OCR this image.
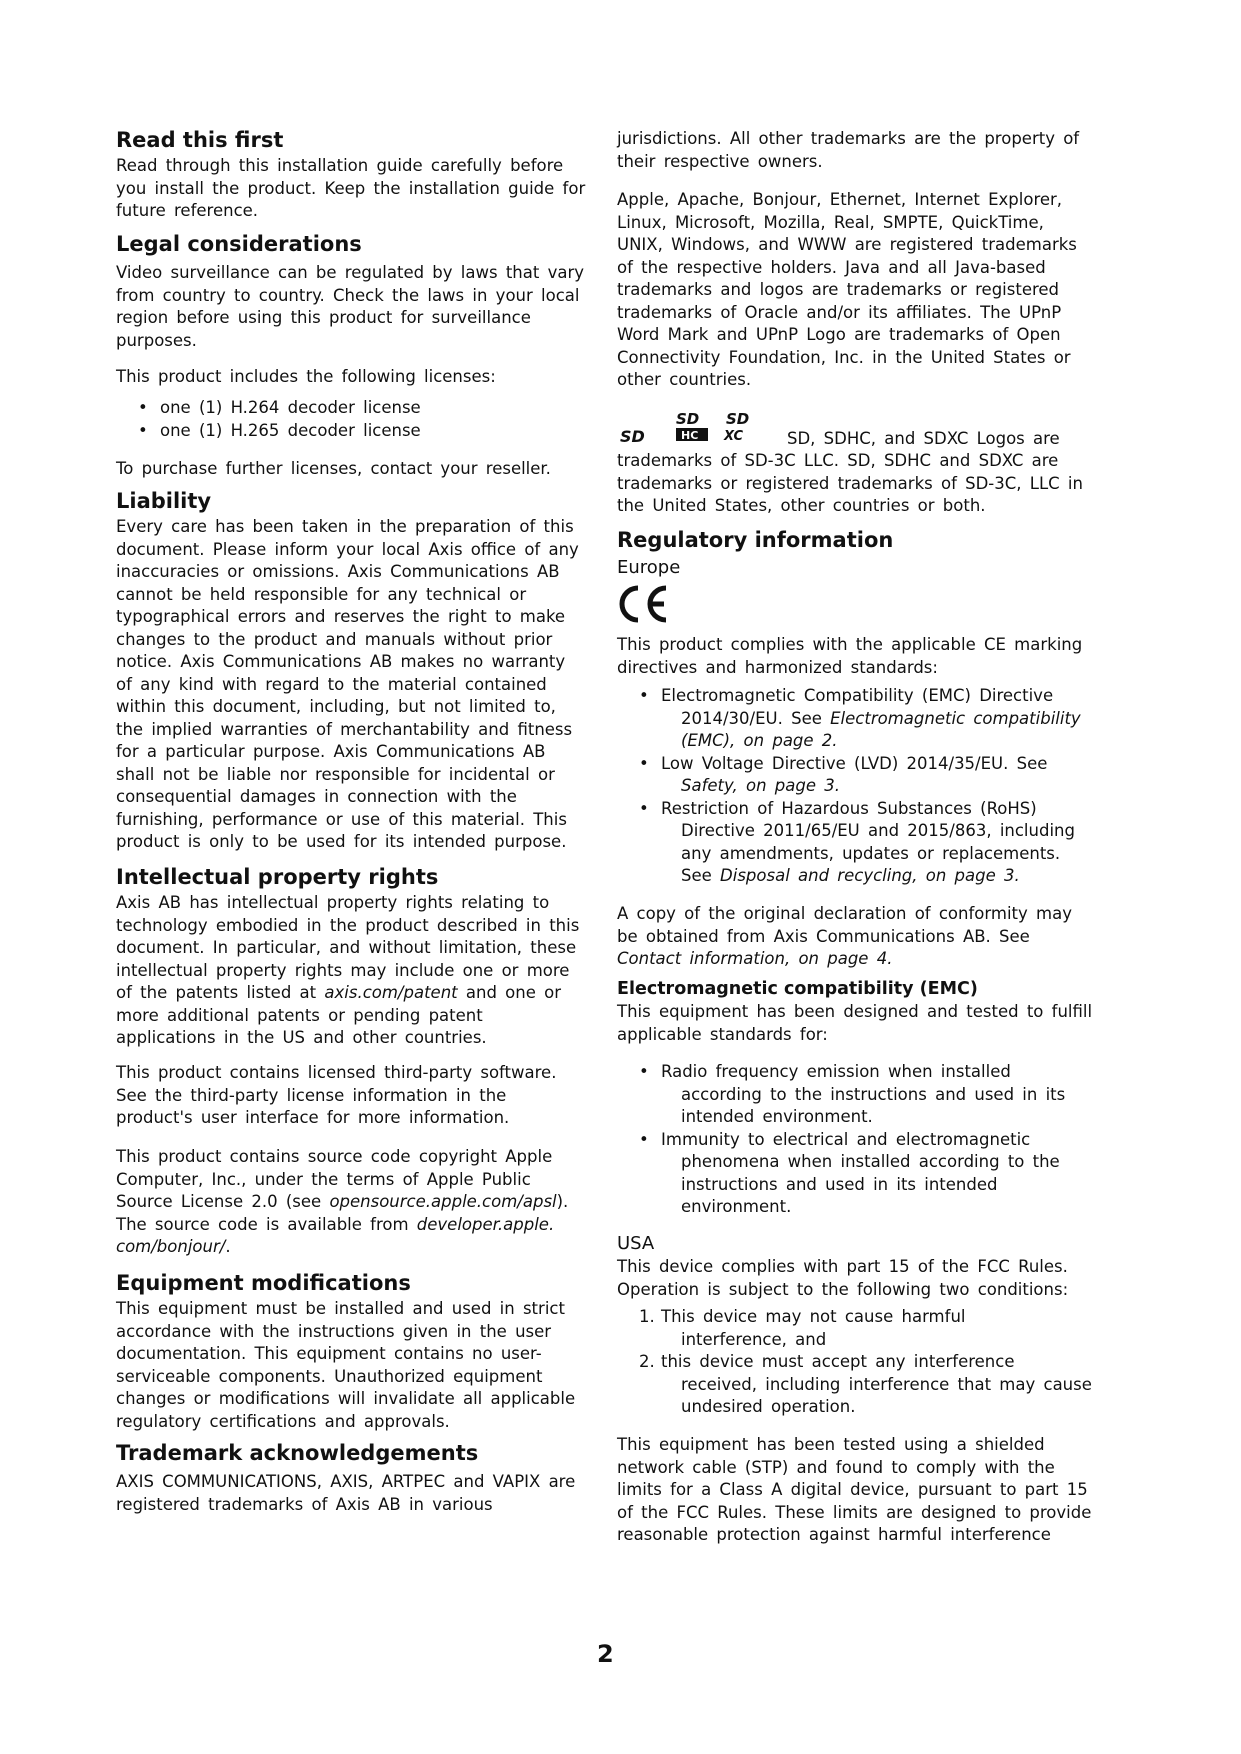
Read this first
Read through this installation guide carefully before
you install the product. Keep the installation guide for
future reference.
Legal considerations
Video surveillance can be regulated by laws that vary
from country to country. Check the laws in your local
region before using this product for surveillance
purposes.
This product includes the following licenses:
• one (1) H.264 decoder license
• one (1) H.265 decoder license
To purchase further licenses, contact your reseller.
Liability
Every care has been taken in the preparation of this
document. Please inform your local Axis office of any
inaccuracies or omissions. Axis Communications AB
cannot be held responsible for any technical or
typographical errors and reserves the right to make
changes to the product and manuals without prior
notice. Axis Communications AB makes no warranty
of any kind with regard to the material contained
within this document, including, but not limited to,
the implied warranties of merchantability and fitness
for a particular purpose. Axis Communications AB
shall not be liable nor responsible for incidental or
consequential damages in connection with the
furnishing, performance or use of this material. This
product is only to be used for its intended purpose.
Intellectual property rights
Axis AB has intellectual property rights relating to
technology embodied in the product described in this
document. In particular, and without limitation, these
intellectual property rights may include one or more
of the patents listed at axis.com/patent and one or
more additional patents or pending patent
applications in the US and other countries.
This product contains licensed third-party software.
See the third-party license information in the
product's user interface for more information.
This product contains source code copyright Apple
Computer, Inc., under the terms of Apple Public
Source License 2.0 (see opensource.apple.com/apsl).
The source code is available from developer.apple.
com/bonjour/.
Equipment modifications
This equipment must be installed and used in strict
accordance with the instructions given in the user
documentation. This equipment contains no user-
serviceable components. Unauthorized equipment
changes or modifications will invalidate all applicable
regulatory certifications and approvals.
Trademark acknowledgements
AXIS COMMUNICATIONS, AXIS, ARTPEC and VAPIX are
registered trademarks of Axis AB in various
jurisdictions. All other trademarks are the property of
their respective owners.
Apple, Apache, Bonjour, Ethernet, Internet Explorer,
Linux, Microsoft, Mozilla, Real, SMPTE, QuickTime,
UNIX, Windows, and WWW are registered trademarks
of the respective holders. Java and all Java-based
trademarks and logos are trademarks or registered
trademarks of Oracle and/or its affiliates. The UPnP
Word Mark and UPnP Logo are trademarks of Open
Connectivity Foundation, Inc. in the United States or
other countries.
SD
SD
HC
SD
XC	SD, SDHC, and SDXC Logos are
trademarks of SD-3C LLC. SD, SDHC and SDXC are
trademarks or registered trademarks of SD-3C, LLC in
the United States, other countries or both.
Regulatory information
Europe
This product complies with the applicable CE marking
directives and harmonized standards:
• Electromagnetic Compatibility (EMC) Directive
2014/30/EU. See Electromagnetic compatibility
(EMC), on page 2.
• Low Voltage Directive (LVD) 2014/35/EU. See
Safety, on page 3.
• Restriction of Hazardous Substances (RoHS)
Directive 2011/65/EU and 2015/863, including
any amendments, updates or replacements.
See Disposal and recycling, on page 3.
A copy of the original declaration of conformity may
be obtained from Axis Communications AB. See
Contact information, on page 4.
Electromagnetic compatibility (EMC)
This equipment has been designed and tested to fulfill
applicable standards for:
• Radio frequency emission when installed
according to the instructions and used in its
intended environment.
• Immunity to electrical and electromagnetic
phenomena when installed according to the
instructions and used in its intended
environment.
USA
This device complies with part 15 of the FCC Rules.
Operation is subject to the following two conditions:
1. This device may not cause harmful
interference, and
2. this device must accept any interference
received, including interference that may cause
undesired operation.
This equipment has been tested using a shielded
network cable (STP) and found to comply with the
limits for a Class A digital device, pursuant to part 15
of the FCC Rules. These limits are designed to provide
reasonable protection against harmful interference
2
